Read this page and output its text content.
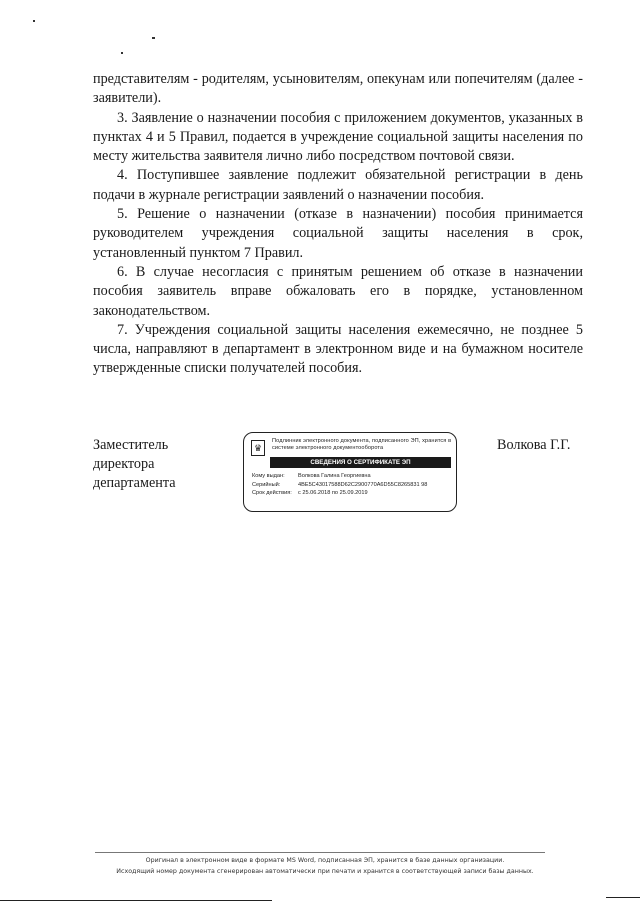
представителям - родителям, усыновителям, опекунам или попечителям (далее - заявители).

3. Заявление о назначении пособия с приложением документов, указанных в пунктах 4 и 5 Правил, подается в учреждение социальной защиты населения по месту жительства заявителя лично либо посредством почтовой связи.

4. Поступившее заявление подлежит обязательной регистрации в день подачи в журнале регистрации заявлений о назначении пособия.

5. Решение о назначении (отказе в назначении) пособия принимается руководителем учреждения социальной защиты населения в срок, установленный пунктом 7 Правил.

6. В случае несогласия с принятым решением об отказе в назначении пособия заявитель вправе обжаловать его в порядке, установленном законодательством.

7. Учреждения социальной защиты населения ежемесячно, не позднее 5 числа, направляют в департамент в электронном виде и на бумажном носителе утвержденные списки получателей пособия.

Заместитель
директора
департамента
♛
Подлинник электронного документа, подписанного ЭП, хранится в системе электронного документооборота
СВЕДЕНИЯ О СЕРТИФИКАТЕ ЭП
Кому выдан:	Волкова Галина Георгиевна
Серийный:	4BE5C43017588D62C2900770A6D55C8265831 98
Срок действия:	с 25.06.2018 по 25.09.2019
Волкова Г.Г.
Оригинал в электронном виде в формате MS Word, подписанная ЭП, хранится в базе данных организации.
Исходящий номер документа сгенерирован автоматически при печати и хранится в соответствующей записи базы данных.
